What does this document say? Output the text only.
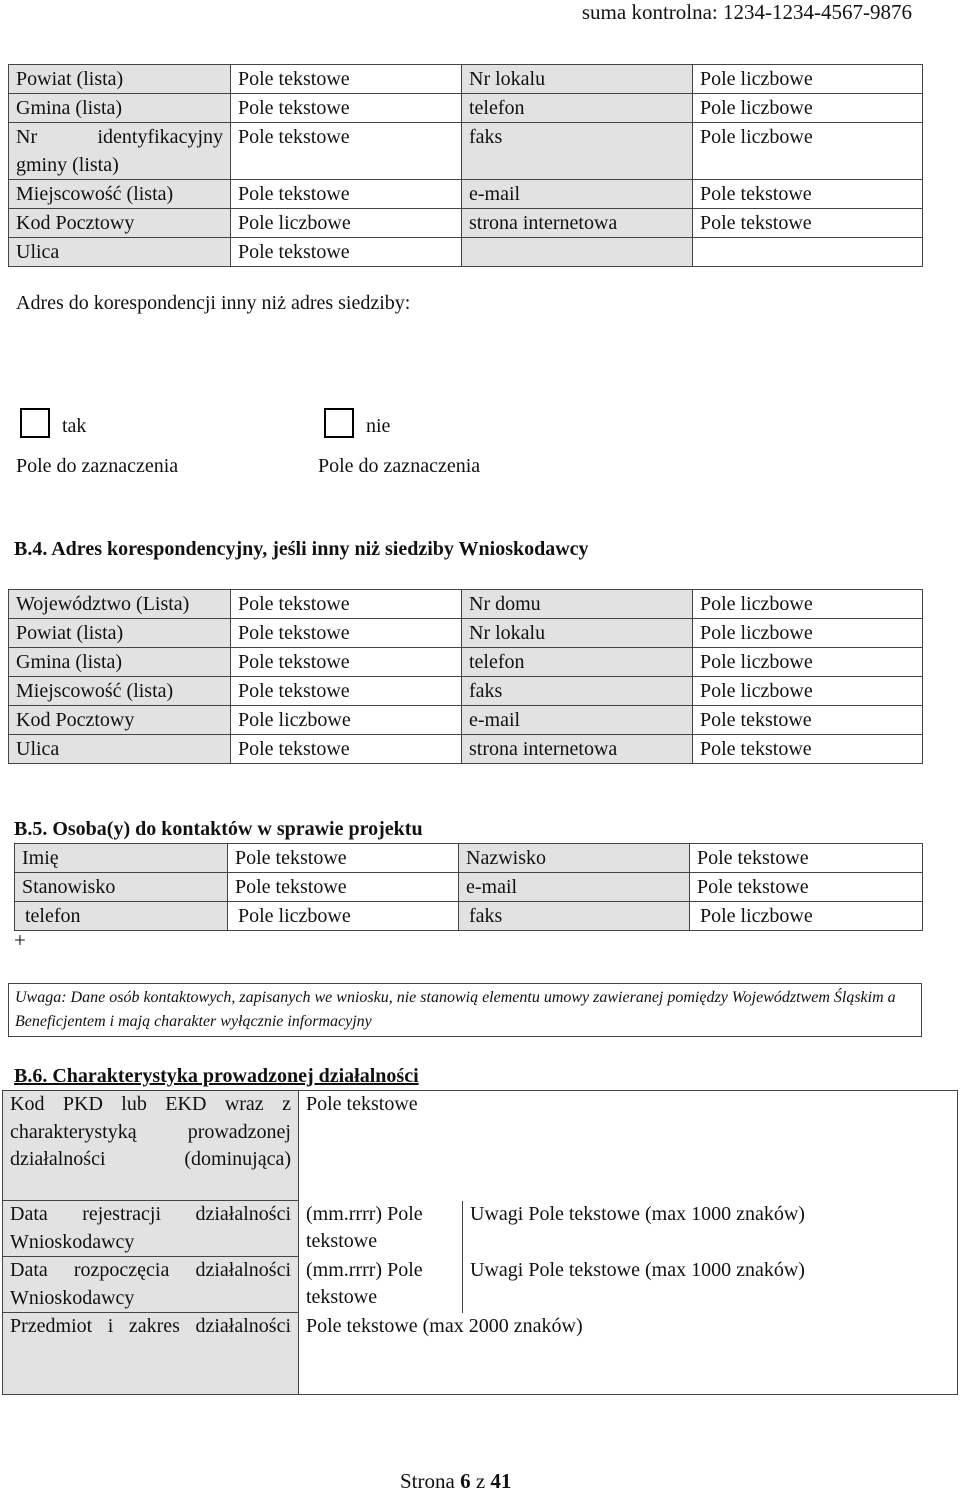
suma kontrolna: 1234-1234-4567-9876
Powiat (lista)	Pole tekstowe	Nr lokalu	Pole liczbowe
Gmina (lista)	Pole tekstowe	telefon	Pole liczbowe
Nr identyfikacyjny gminy (lista)	Pole tekstowe	faks	Pole liczbowe
Miejscowość (lista)	Pole tekstowe	e-mail	Pole tekstowe
Kod Pocztowy	Pole liczbowe	strona internetowa	Pole tekstowe
Ulica	Pole tekstowe		
Adres do korespondencji inny niż adres siedziby:
tak
Pole do zaznaczenia
nie
Pole do zaznaczenia
B.4. Adres korespondencyjny, jeśli inny niż siedziby Wnioskodawcy
Województwo (Lista)	Pole tekstowe	Nr domu	Pole liczbowe
Powiat (lista)	Pole tekstowe	Nr lokalu	Pole liczbowe
Gmina (lista)	Pole tekstowe	telefon	Pole liczbowe
Miejscowość (lista)	Pole tekstowe	faks	Pole liczbowe
Kod Pocztowy	Pole liczbowe	e-mail	Pole tekstowe
Ulica	Pole tekstowe	strona internetowa	Pole tekstowe
B.5. Osoba(y) do kontaktów w sprawie projektu
Imię	Pole tekstowe	Nazwisko	Pole tekstowe
Stanowisko	Pole tekstowe	e-mail	Pole tekstowe
telefon	Pole liczbowe	faks	Pole liczbowe
+
Uwaga: Dane osób kontaktowych, zapisanych we wniosku, nie stanowią elementu umowy zawieranej pomiędzy Województwem Śląskim a Beneficjentem i mają charakter wyłącznie informacyjny
B.6. Charakterystyka prowadzonej działalności
Kod PKD lub EKD wraz z charakterystyką prowadzonej działalności (dominująca)	Pole tekstowe	
Data rejestracji działalności Wnioskodawcy	(mm.rrrr) Pole tekstowe	Uwagi Pole tekstowe (max 1000 znaków)
Data rozpoczęcia działalności Wnioskodawcy	(mm.rrrr) Pole tekstowe	Uwagi Pole tekstowe (max 1000 znaków)
Przedmiot i zakres działalności	Pole tekstowe (max 2000 znaków)	
Strona 6 z 41
